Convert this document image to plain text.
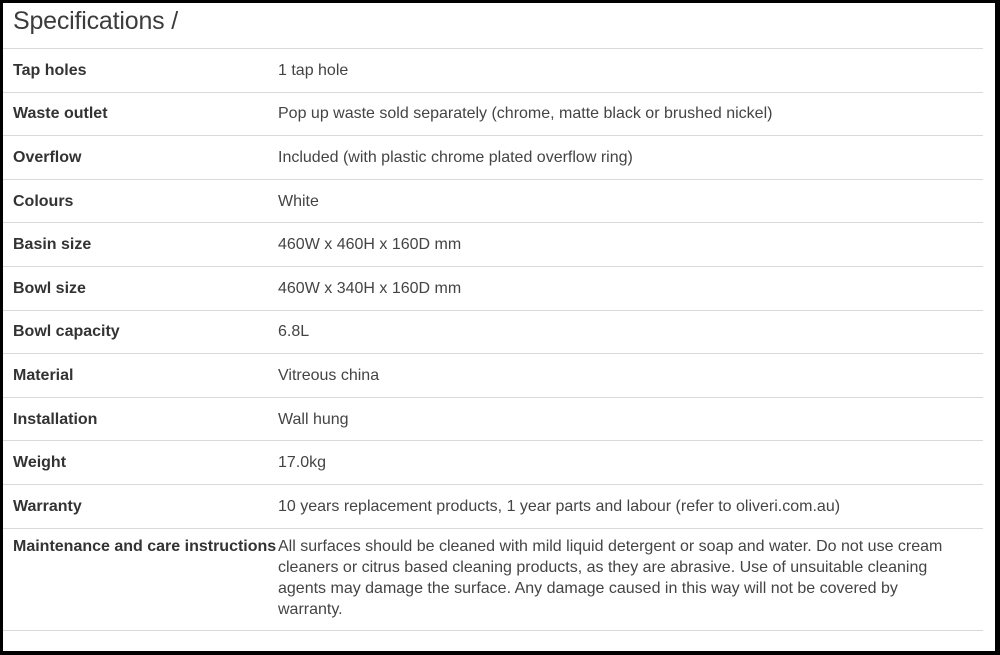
Specifications /
Tap holes	1 tap hole
Waste outlet	Pop up waste sold separately (chrome, matte black or brushed nickel)
Overflow	Included (with plastic chrome plated overflow ring)
Colours	White
Basin size	460W x 460H x 160D mm
Bowl size	460W x 340H x 160D mm
Bowl capacity	6.8L
Material	Vitreous china
Installation	Wall hung
Weight	17.0kg
Warranty	10 years replacement products, 1 year parts and labour (refer to oliveri.com.au)
Maintenance and care instructions	All surfaces should be cleaned with mild liquid detergent or soap and water. Do not use cream cleaners or citrus based cleaning products, as they are abrasive. Use of unsuitable cleaning agents may damage the surface. Any damage caused in this way will not be covered by warranty.
